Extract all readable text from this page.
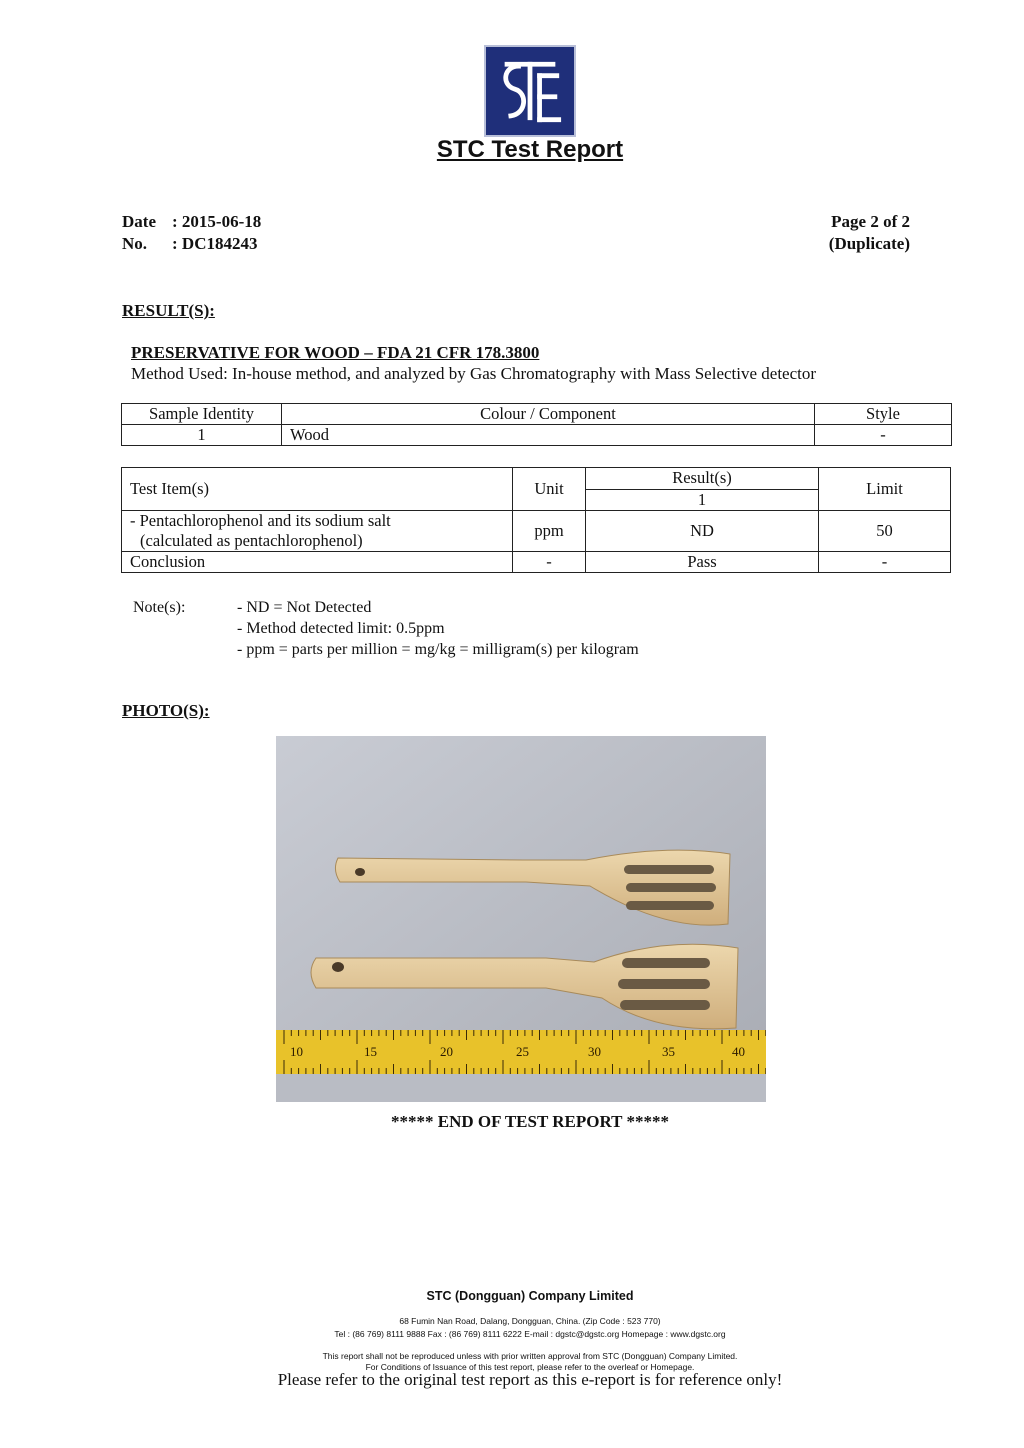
STC Test Report
Date : 2015-06-18
No. : DC184243
Page 2 of 2
(Duplicate)
RESULT(S):
PRESERVATIVE FOR WOOD – FDA 21 CFR 178.3800
Method Used: In-house method, and analyzed by Gas Chromatography with Mass Selective detector
Sample Identity	Colour / Component	Style
1	Wood	-
Test Item(s)	Unit	Result(s)	Limit
		1	

- Pentachlorophenol and its sodium salt
(calculated as pentachlorophenol)	ppm	ND	50
Conclusion	-	Pass	-
Note(s):	- ND = Not Detected
- Method detected limit: 0.5ppm
- ppm = parts per million = mg/kg = milligram(s) per kilogram
PHOTO(S):
10	15	20	25	30	35	40
***** END OF TEST REPORT *****
STC (Dongguan) Company Limited
68 Fumin Nan Road, Dalang, Dongguan, China. (Zip Code : 523 770)
Tel : (86 769) 8111 9888 Fax : (86 769) 8111 6222 E-mail : dgstc@dgstc.org Homepage : www.dgstc.org
This report shall not be reproduced unless with prior written approval from STC (Dongguan) Company Limited.
For Conditions of Issuance of this test report, please refer to the overleaf or Homepage.
Please refer to the original test report as this e-report is for reference only!
